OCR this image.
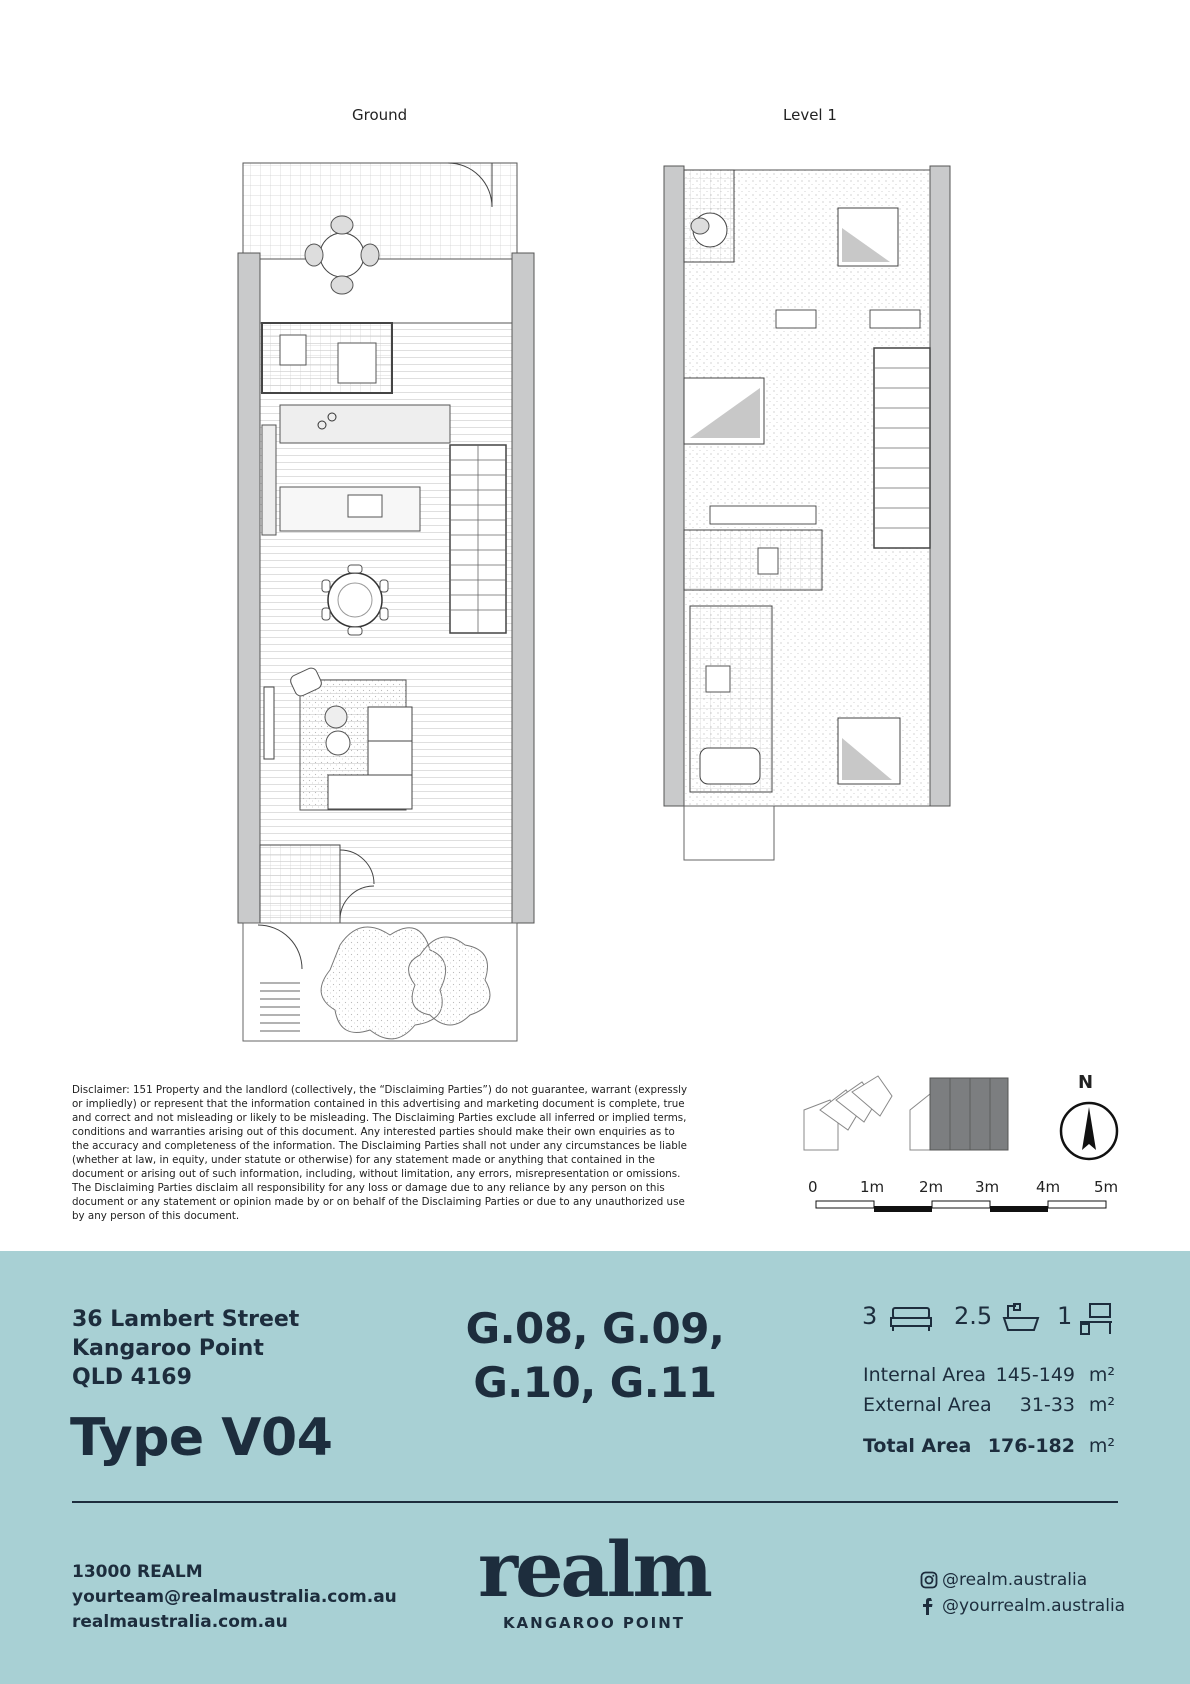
Ground	Level 1
Disclaimer: 151 Property and the landlord (collectively, the “Disclaiming Parties”) do not guarantee, warrant (expressly or impliedly) or represent that the information contained in this advertising and marketing document is complete, true and correct and not misleading or likely to be misleading. The Disclaiming Parties exclude all inferred or implied terms, conditions and warranties arising out of this document. Any interested parties should make their own enquiries as to the accuracy and completeness of the information. The Disclaiming Parties shall not under any circumstances be liable (whether at law, in equity, under statute or otherwise) for any statement made or anything that contained in the document or arising out of such information, including, without limitation, any errors, misrepresentation or omissions. The Disclaiming Parties disclaim all responsibility for any loss or damage due to any reliance by any person on this document or any statement or opinion made by or on behalf of the Disclaiming Parties or due to any unauthorized use by any person of this document.
N
0	1m 2m 3m 4m 5m
36 Lambert Street
Kangaroo Point
QLD 4169
Type V04
G.08, G.09,
G.10, G.11
3	2.5	1
Internal Area 145-149 m²
External Area 31-33 m²
Total Area 176-182 m²
13000 REALM
yourteam@realmaustralia.com.au
realmaustralia.com.au
realm
KANGAROO POINT
@realm.australia
@yourrealm.australia
